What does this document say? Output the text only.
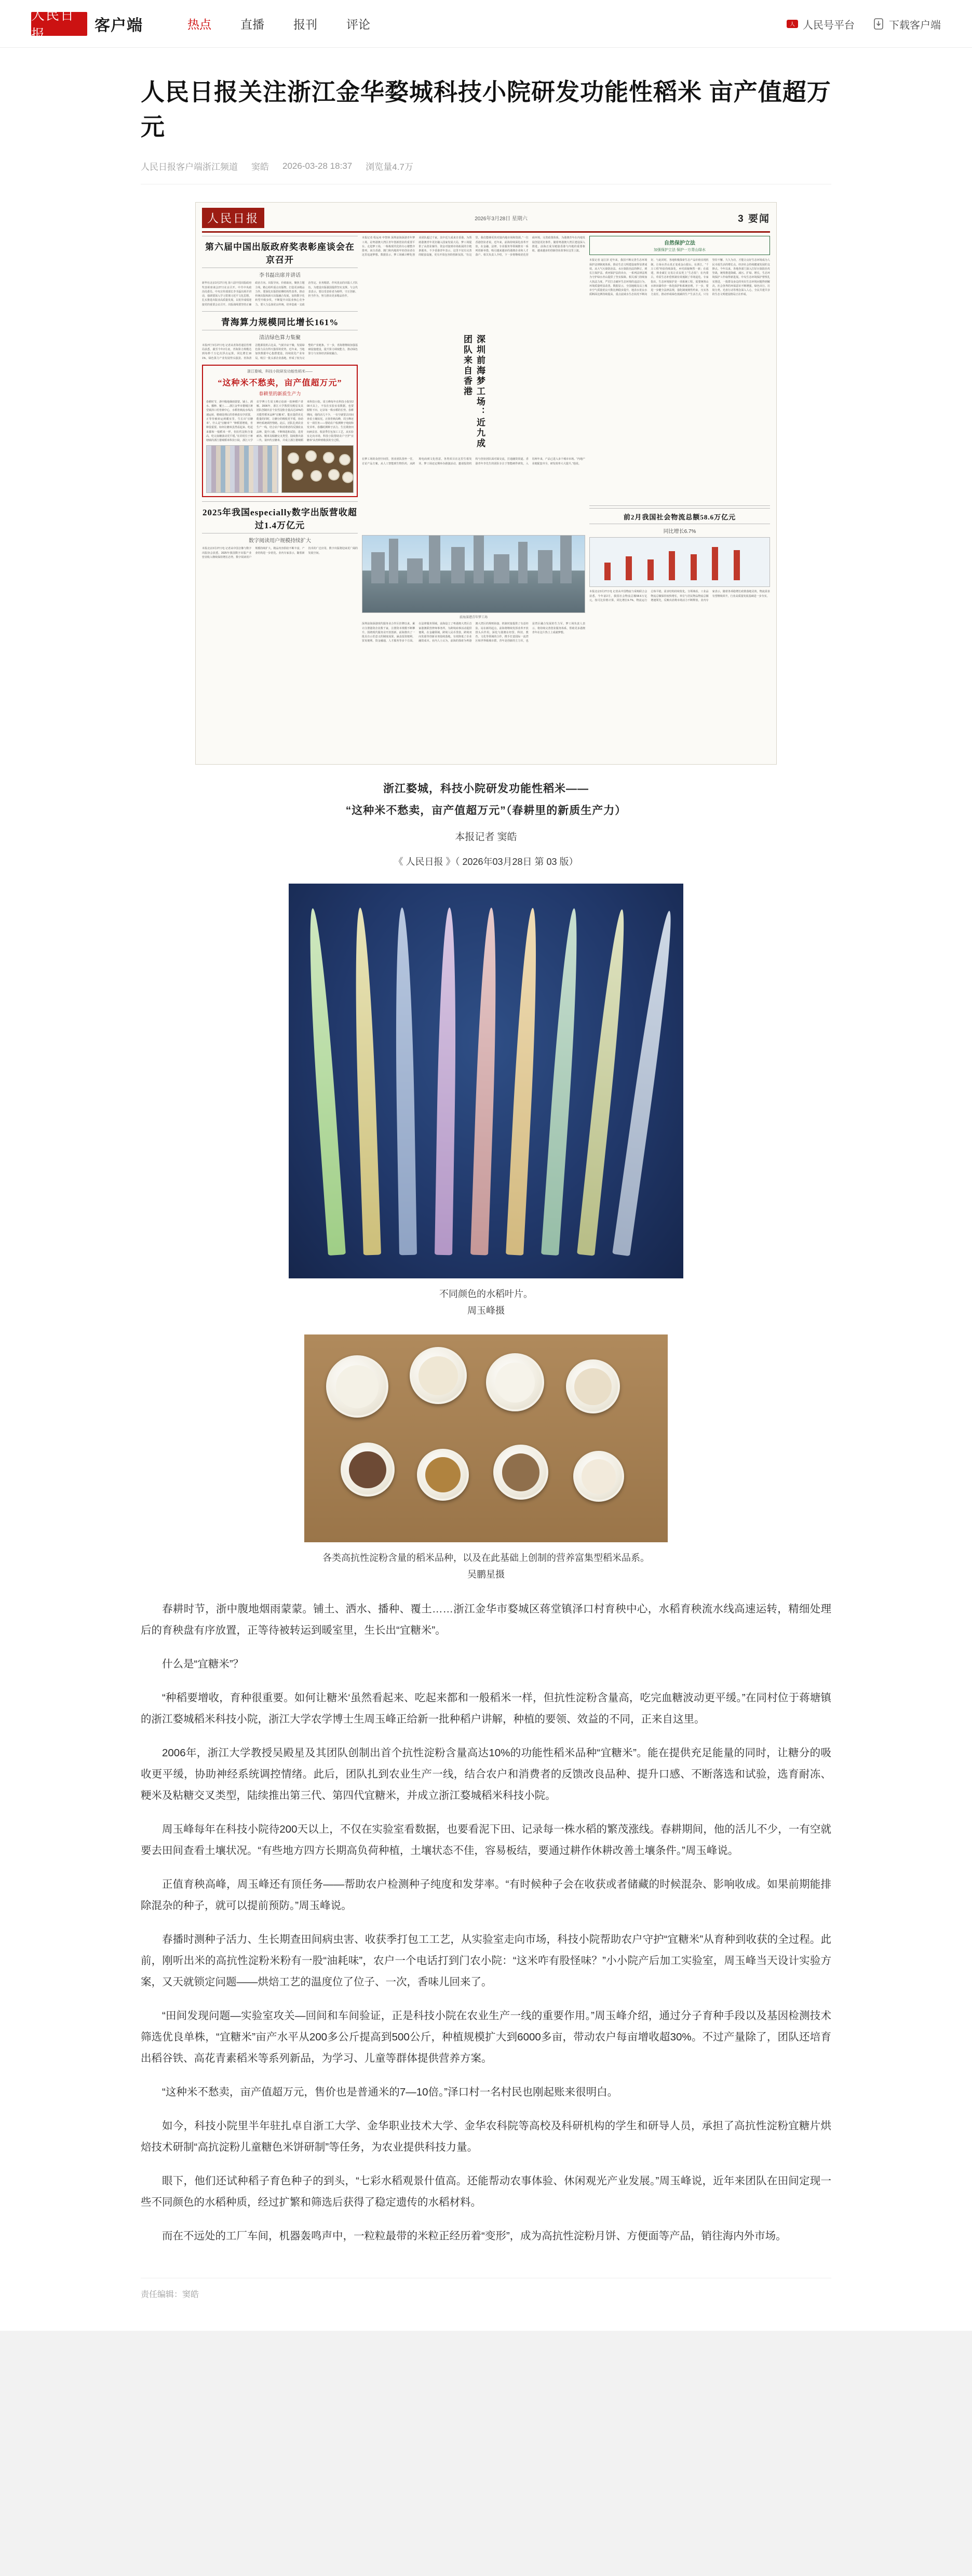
人民日报
客户端	热点 直播 报刊 评论	人 人民号平台	下载客户端
人民日报关注浙江金华婺城科技小院研发功能性稻米 亩产值超万元
人民日报客户端浙江频道 窦皓 2026-03-28 18:37 浏览量4.7万
人民日报	2026年3月28日 星期六	3 要闻
第六届中国出版政府奖表彰座谈会在京召开
李书磊出席并讲话
新华社北京3月27日电 第六届中国出版政府奖表彰座谈会27日在京召开。中共中央政治局委员、中央宣传部部长李书磊出席并讲话，强调要深入学习贯彻习近平文化思想，扎实推进出版业高质量发展，以优异成绩迎接党的重要会议召开。出版战线要坚持正确政治方向、出版导向、价值取向，聚焦主题主线，精心组织重点出版物，打造更多精品力作。要深化出版供给侧结构性改革，推动传统出版和新兴出版融合发展，加快数字化转型升级步伐，不断提升出版业核心竞争力。要大力弘扬优良传统，培养造就一支政治坚定、业务精湛、作风优良的出版人才队伍，为建设出版强国提供坚实支撑。与会代表表示，要以受表彰者为榜样，守正创新、担当作为，努力推出更多精品佳作。
青海算力规模同比增长161%
清洁绿色算力集聚
本报西宁3月27日电 记者从青海省通信管理局获悉，截至今年2月底，青海算力规模达到每秒千万亿次浮点运算，同比增长161%，绿色算力产业发展势头强劲。青海清洁能源装机占比高，气候冷凉干燥，发展绿色算力具有得天独厚的优势。近年来，当地加快数据中心集群建设，持续优化产业布局，吸引一批头部企业落地，形成了较为完整的产业链条。下一步，青海将继续加强基础设施建设，提升算力调度能力，推动绿色算力与实体经济深度融合。
浙江婺城，科技小院研发功能性稻米——
“这种米不愁卖，亩产值超万元”
春耕里的新质生产力
春耕时节，浙中腹地烟雨蒙蒙。铺土、洒水、播种、覆土……浙江金华市婺城区蒋堂镇泽口村育秧中心，水稻育秧流水线高速运转，精细处理后的育秧盘有序放置，正等待被转运到暖室里，生长出“宜糖米”。什么是“宜糖米”？“种稻要增收，育种很重要。如何让糖米虽然看起来、吃起来都和一般稻米一样，但抗性淀粉含量高，吃完血糖波动更平缓。”在同村位于蒋塘镇的浙江婺城稻米科技小院，浙江大学农学博士生周玉峰正给新一批种稻户讲解。2006年，浙江大学教授吴殿星及其团队创制出首个抗性淀粉含量高达10%的功能性稻米品种“宜糖米”。能在提供充足能量的同时，让糖分的吸收更平缓，协助神经系统调控情绪。此后，团队扎到农业生产一线，结合农户和消费者的反馈改良品种、提升口感、不断筛选和试验，选育耐冻、粳米及粘糖交叉类型，陆续推出第三代、第四代宜糖米，并成立浙江婺城稻米科技小院。周玉峰每年在科技小院待200天以上，不仅在实验室看数据，也要脱鞋下田、记录每一株水稻的长势。春耕期间，他的活儿不少，一有空就要去田间查看土壤状况。正值育秧高峰，周玉峰还有一项任务——帮助农户检测种子纯度和发芽率。春播时测种子活力、生长期查田间病虫害、收获季打包加工工艺，从实验室走向市场，科技小院帮助农户守护“宜糖米”从育种到收获的全过程。
2025年我国especially数字出版营收超过1.4万亿元
数字阅读用户规模持续扩大
本报北京3月27日电 记者从中国音像与数字出版协会获悉，2025年我国数字出版产业营业收入继续保持增长态势，数字阅读用户规模持续扩大，精品内容供给不断丰富，产业结构进一步优化。业内专家表示，随着新技术的广泛应用，数字出版将迎来更广阔的发展空间。
本报记者 程远州 申智林 深圳前海深港青年梦工场，是粤港澳大湾区青年创新创业的重要平台。走进梦工场，一栋栋现代化的办公楼整齐排列，来自香港、澳门和内地的年轻创业者在这里追逐梦想。数据显示，梦工场累计孵化创业团队超过千家，其中近九成来自香港。为帮助港澳青年更好融入国家发展大局，梦工场提供了从创业辅导、资金对接到市场拓展的全链条服务。不少香港青年表示，这里不仅有完善的配套设施，更有开放包容的创新氛围。“在这里，我们能够更快对接内地市场和资源。”一位香港创业者说。近年来，前海持续深化改革开放，在金融、法律、专业服务等领域推出一系列创新举措，吸引越来越多的港澳企业和人才落户。相关负责人介绍，下一步将继续优化营商环境，完善政策体系，为港澳青年在内地发展创造更好条件。随着粤港澳大湾区建设深入推进，前海正成为链接香港与内地的重要枢纽，越来越多的创新创业故事在这里上演。
深圳前海梦工场：近九成团队来自香港
在梦工场的众创空间里，创业团队围坐一堂，讨论产品方案。从人工智能到生物医药，从跨境电商到文化创意，各类项目在这里生根发芽。梦工场还定期举办路演活动，邀请投资机构与创业团队面对面交流，打通融资渠道。香港青年李先生的团队专注于智能硬件研发，入驻两年来，产品已进入多个城市市场。“内地产业链配套齐全，研发效率大大提升。”他说。
前海深港青年梦工场
深圳前海深港现代服务业合作区挂牌以来，累计注册港资企业数千家，注册资本规模不断攀升。围绕现代服务业开放创新，前海推出了一批具有示范意义的制度成果，涵盖投资便利、贸易便利、资金融通、人才服务等多个方面。在法律服务领域，前海设立了粤港澳大湾区首家港澳联营律师事务所，为跨境商事活动提供便利。在金融领域，跨境人民币贷款、跨境双向发债等创新业务陆续落地，有效降低了企业融资成本。业内人士认为，前海的探索为粤港澳大湾区的规则衔接、机制对接提供了有益经验。站在新的起点，前海将继续发挥改革开放排头兵作用，深化与港澳在经贸、科技、教育、文化等领域的合作，携手打造国际一流湾区和世界级城市群。青年是创新的主力军，也是湾区融合发展的生力军。梦工场负责人表示，将持续完善创业服务体系，帮助更多港澳青年在这片热土上成就梦想。
自然保护立法
加强保护立法 保护一方青山绿水
本报记者 寇江泽 近年来，我国不断完善生态环境保护法律制度体系，推动生态文明建设取得显著成效。从大气污染防治法、水污染防治法的修订，到长江保护法、黄河保护法的出台，一系列法律法规为守护绿水青山提供了坚实保障。相关部门持续加大执法力度，严厉打击破坏生态环境的违法行为，环境质量明显改善。数据显示，全国地级及以上城市空气质量优良天数比例稳步提升，地表水优良水质断面比例持续提高，重点流域水生态状况不断向好。与此同时，各地积极探索生态产品价值实现机制，让绿水青山真正变成金山银山。在浙江，“千万工程”经验持续深化，乡村面貌焕然一新；在福建，林业碳汇交易让农民吃上“生态饭”；在内蒙古，草原生态补偿机制有效遏制了草场退化。专家指出，生态环境保护是一项系统工程，需要统筹山水林田湖草沙一体化保护和系统治理。下一步，要进一步健全法律法规，强化制度刚性约束，压实各方责任，推动形成绿色低碳的生产生活方式。只有坚持不懈、久久为功，才能让良好生态环境成为人民幸福生活的增长点、经济社会持续健康发展的支撑点。今年以来，各地各部门深入打好污染防治攻坚战，统筹推进降碳、减污、扩绿、增长，生态环境保护工作取得新进展。中央生态环境保护督察扎实推进，一批群众身边的突出生态环境问题得到解决。社会各界的环保意识不断增强，绿色出行、垃圾分类、光盘行动等理念深入人心，全民共建共享的生态文明建设格局正在形成。
前2月我国社会物流总额58.6万亿元
同比增长6.7%
本报北京3月27日电 记者从中国物流与采购联合会获悉，今年前2月，我国社会物流总额58.6万亿元，按可比价格计算，同比增长6.7%，物流运行总体平稳，需求结构持续优化。分领域看，工业品物流总额保持较快增长，单位与居民物品物流总额增速领先，反映出消费市场活力不断释放。业内专家表示，随着各项稳增长政策落地见效，物流需求有望继续回升，行业高质量发展基础进一步夯实。
浙江婺城，科技小院研发功能性稻米——
“这种米不愁卖，亩产值超万元”（春耕里的新质生产力）
本报记者 窦皓
《 人民日报 》（ 2026年03月28日 第 03 版）
不同颜色的水稻叶片。
周玉峰摄
各类高抗性淀粉含量的稻米品种，以及在此基础上创制的营养富集型稻米品系。
吴鹏星摄

春耕时节，浙中腹地烟雨蒙蒙。铺土、洒水、播种、覆土……浙江金华市婺城区蒋堂镇泽口村育秧中心，水稻育秧流水线高速运转，精细处理后的育秧盘有序放置，正等待被转运到暖室里，生长出“宜糖米”。

什么是“宜糖米”？

“种稻要增收，育种很重要。如何让糖米‘虽然看起来、吃起来都和一般稻米一样，但抗性淀粉含量高，吃完血糖波动更平缓。”在同村位于蒋塘镇的浙江婺城稻米科技小院，浙江大学农学博士生周玉峰正给新一批种稻户讲解，种植的要领、效益的不同，正来自这里。

2006年，浙江大学教授吴殿星及其团队创制出首个抗性淀粉含量高达10%的功能性稻米品种“宜糖米”。能在提供充足能量的同时，让糖分的吸收更平缓，协助神经系统调控情绪。此后，团队扎到农业生产一线，结合农户和消费者的反馈改良品种、提升口感、不断落选和试验，选育耐冻、粳米及粘糖交叉类型，陆续推出第三代、第四代宜糖米，并成立浙江婺城稻米科技小院。

周玉峰每年在科技小院待200天以上，不仅在实验室看数据，也要看泥下田、记录每一株水稻的繁茂涨线。春耕期间，他的活儿不少，一有空就要去田间查看土壤状况。“有些地方四方长期高负荷种植，土壤状态不佳，容易板结，要通过耕作休耕改善土壤条件。”周玉峰说。

正值育秧高峰，周玉峰还有顶任务——帮助农户检测种子纯度和发芽率。“有时候种子会在收获或者储藏的时候混杂、影响收成。如果前期能排除混杂的种子，就可以提前预防。”周玉峰说。

春播时测种子活力、生长期查田间病虫害、收获季打包工工艺，从实验室走向市场，科技小院帮助农户守护“宜糖米”从育种到收获的全过程。此前，刚听出米的高抗性淀粉米粉有一股“油耗味”，农户一个电话打到门农小院：“这米咋有股怪味？”小小院产后加工实验室，周玉峰当天设计实验方案，又天就锁定问题——烘焙工艺的温度位了位子、一次，香味儿回来了。

“田间发现问题—实验室攻关—回间和车间验证，正是科技小院在农业生产一线的重要作用。”周玉峰介绍，通过分子育种手段以及基因检测技术筛选优良单株，“宜糖米”亩产水平从200多公斤提高到500公斤，种植规模扩大到6000多亩，带动农户每亩增收超30%。不过产量除了，团队还培育出稻谷铁、高花青素稻米等系列新品，为学习、儿童等群体提供营养方案。

“这种米不愁卖，亩产值超万元，售价也是普通米的7—10倍。”泽口村一名村民也刚起账来很明白。

如今，科技小院里半年驻扎卓自浙工大学、金华职业技术大学、金华农科院等高校及科研机构的学生和研导人员，承担了高抗性淀粉宜糖片烘焙技术研制“高抗淀粉儿童糖色米饼研制”等任务，为农业提供科技力量。

眼下，他们还试种稻子育色种子的到头，“七彩水稻观景什值高。还能帮动农事体验、休闲观光产业发展。”周玉峰说，近年来团队在田间定现一些不同颜色的水稻种质，经过扩繁和筛选后获得了稳定遗传的水稻材料。

而在不远处的工厂车间，机器轰鸣声中，一粒粒最带的米粒正经历着“变形”，成为高抗性淀粉月饼、方便面等产品，销往海内外市场。

责任编辑：窦皓
